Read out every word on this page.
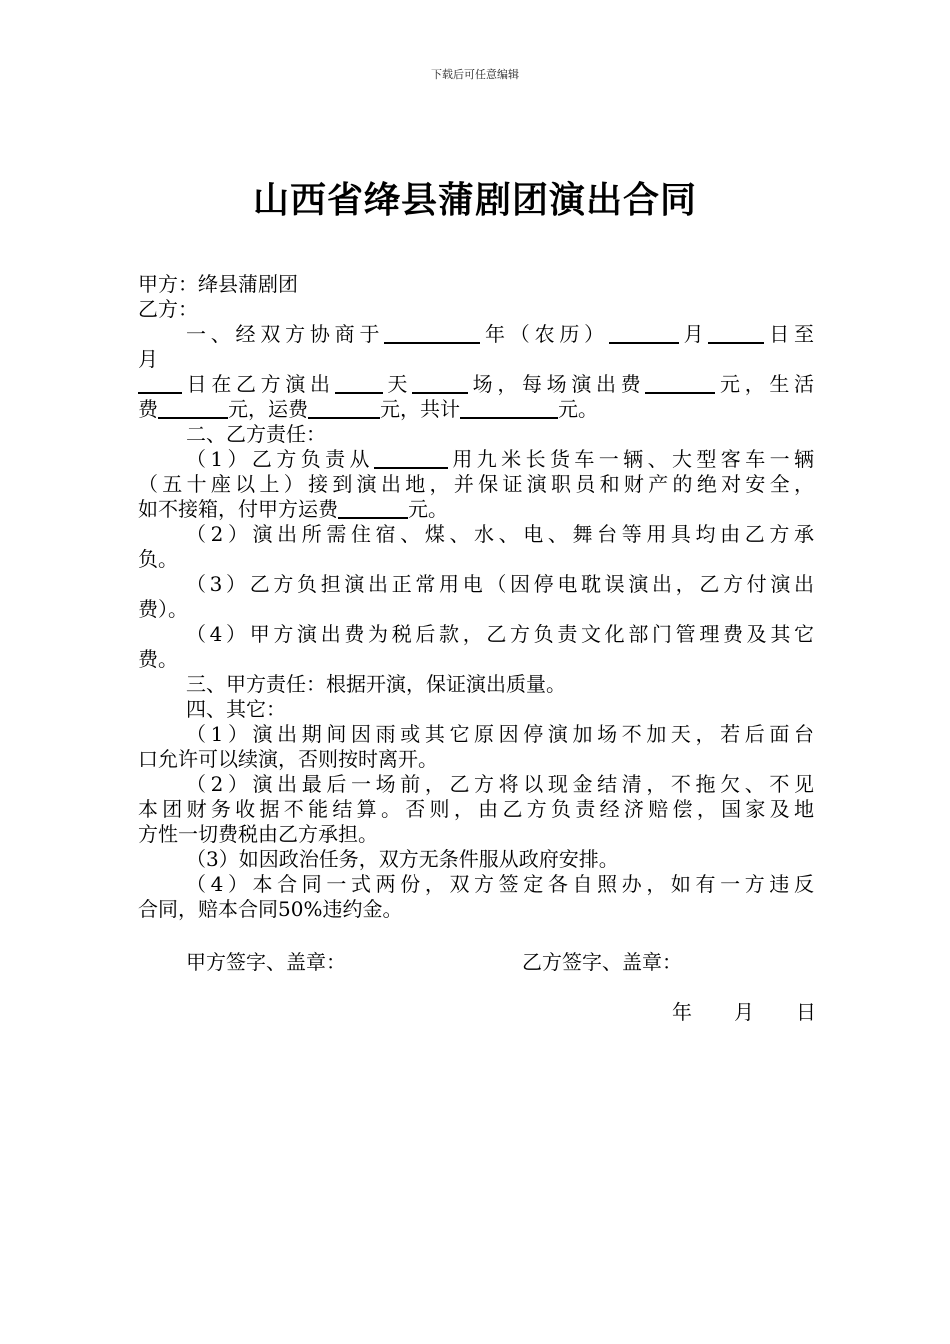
下载后可任意编辑
山西省绛县蒲剧团演出合同
甲方：绛县蒲剧团
乙方：
一、经双方协商于	年（农历）	月	日至
月
日在乙方演出 天	场，每场演出费	元，生活
费	元，运费	元，共计	元。
二、乙方责任：
（1）乙方负责从	用九米长货车一辆、大型客车一辆
（五十座以上）接到演出地，并保证演职员和财产的绝对安全，
如不接箱，付甲方运费	元。
（2）演出所需住宿、煤、水、电、舞台等用具均由乙方承
负。
（3）乙方负担演出正常用电（因停电耽误演出，乙方付演出
费）。
（4）甲方演出费为税后款，乙方负责文化部门管理费及其它
费。
三、甲方责任：根据开演，保证演出质量。
四、其它：
（1）演出期间因雨或其它原因停演加场不加天，若后面台
口允许可以续演，否则按时离开。
（2）演出最后一场前，乙方将以现金结清，不拖欠、不见
本团财务收据不能结算。否则，由乙方负责经济赔偿，国家及地
方性一切费税由乙方承担。
（3）如因政治任务，双方无条件服从政府安排。
（4）本合同一式两份，双方签定各自照办，如有一方违反
合同，赔本合同50%违约金。
甲方签字、盖章：	乙方签字、盖章：
年 月 日
